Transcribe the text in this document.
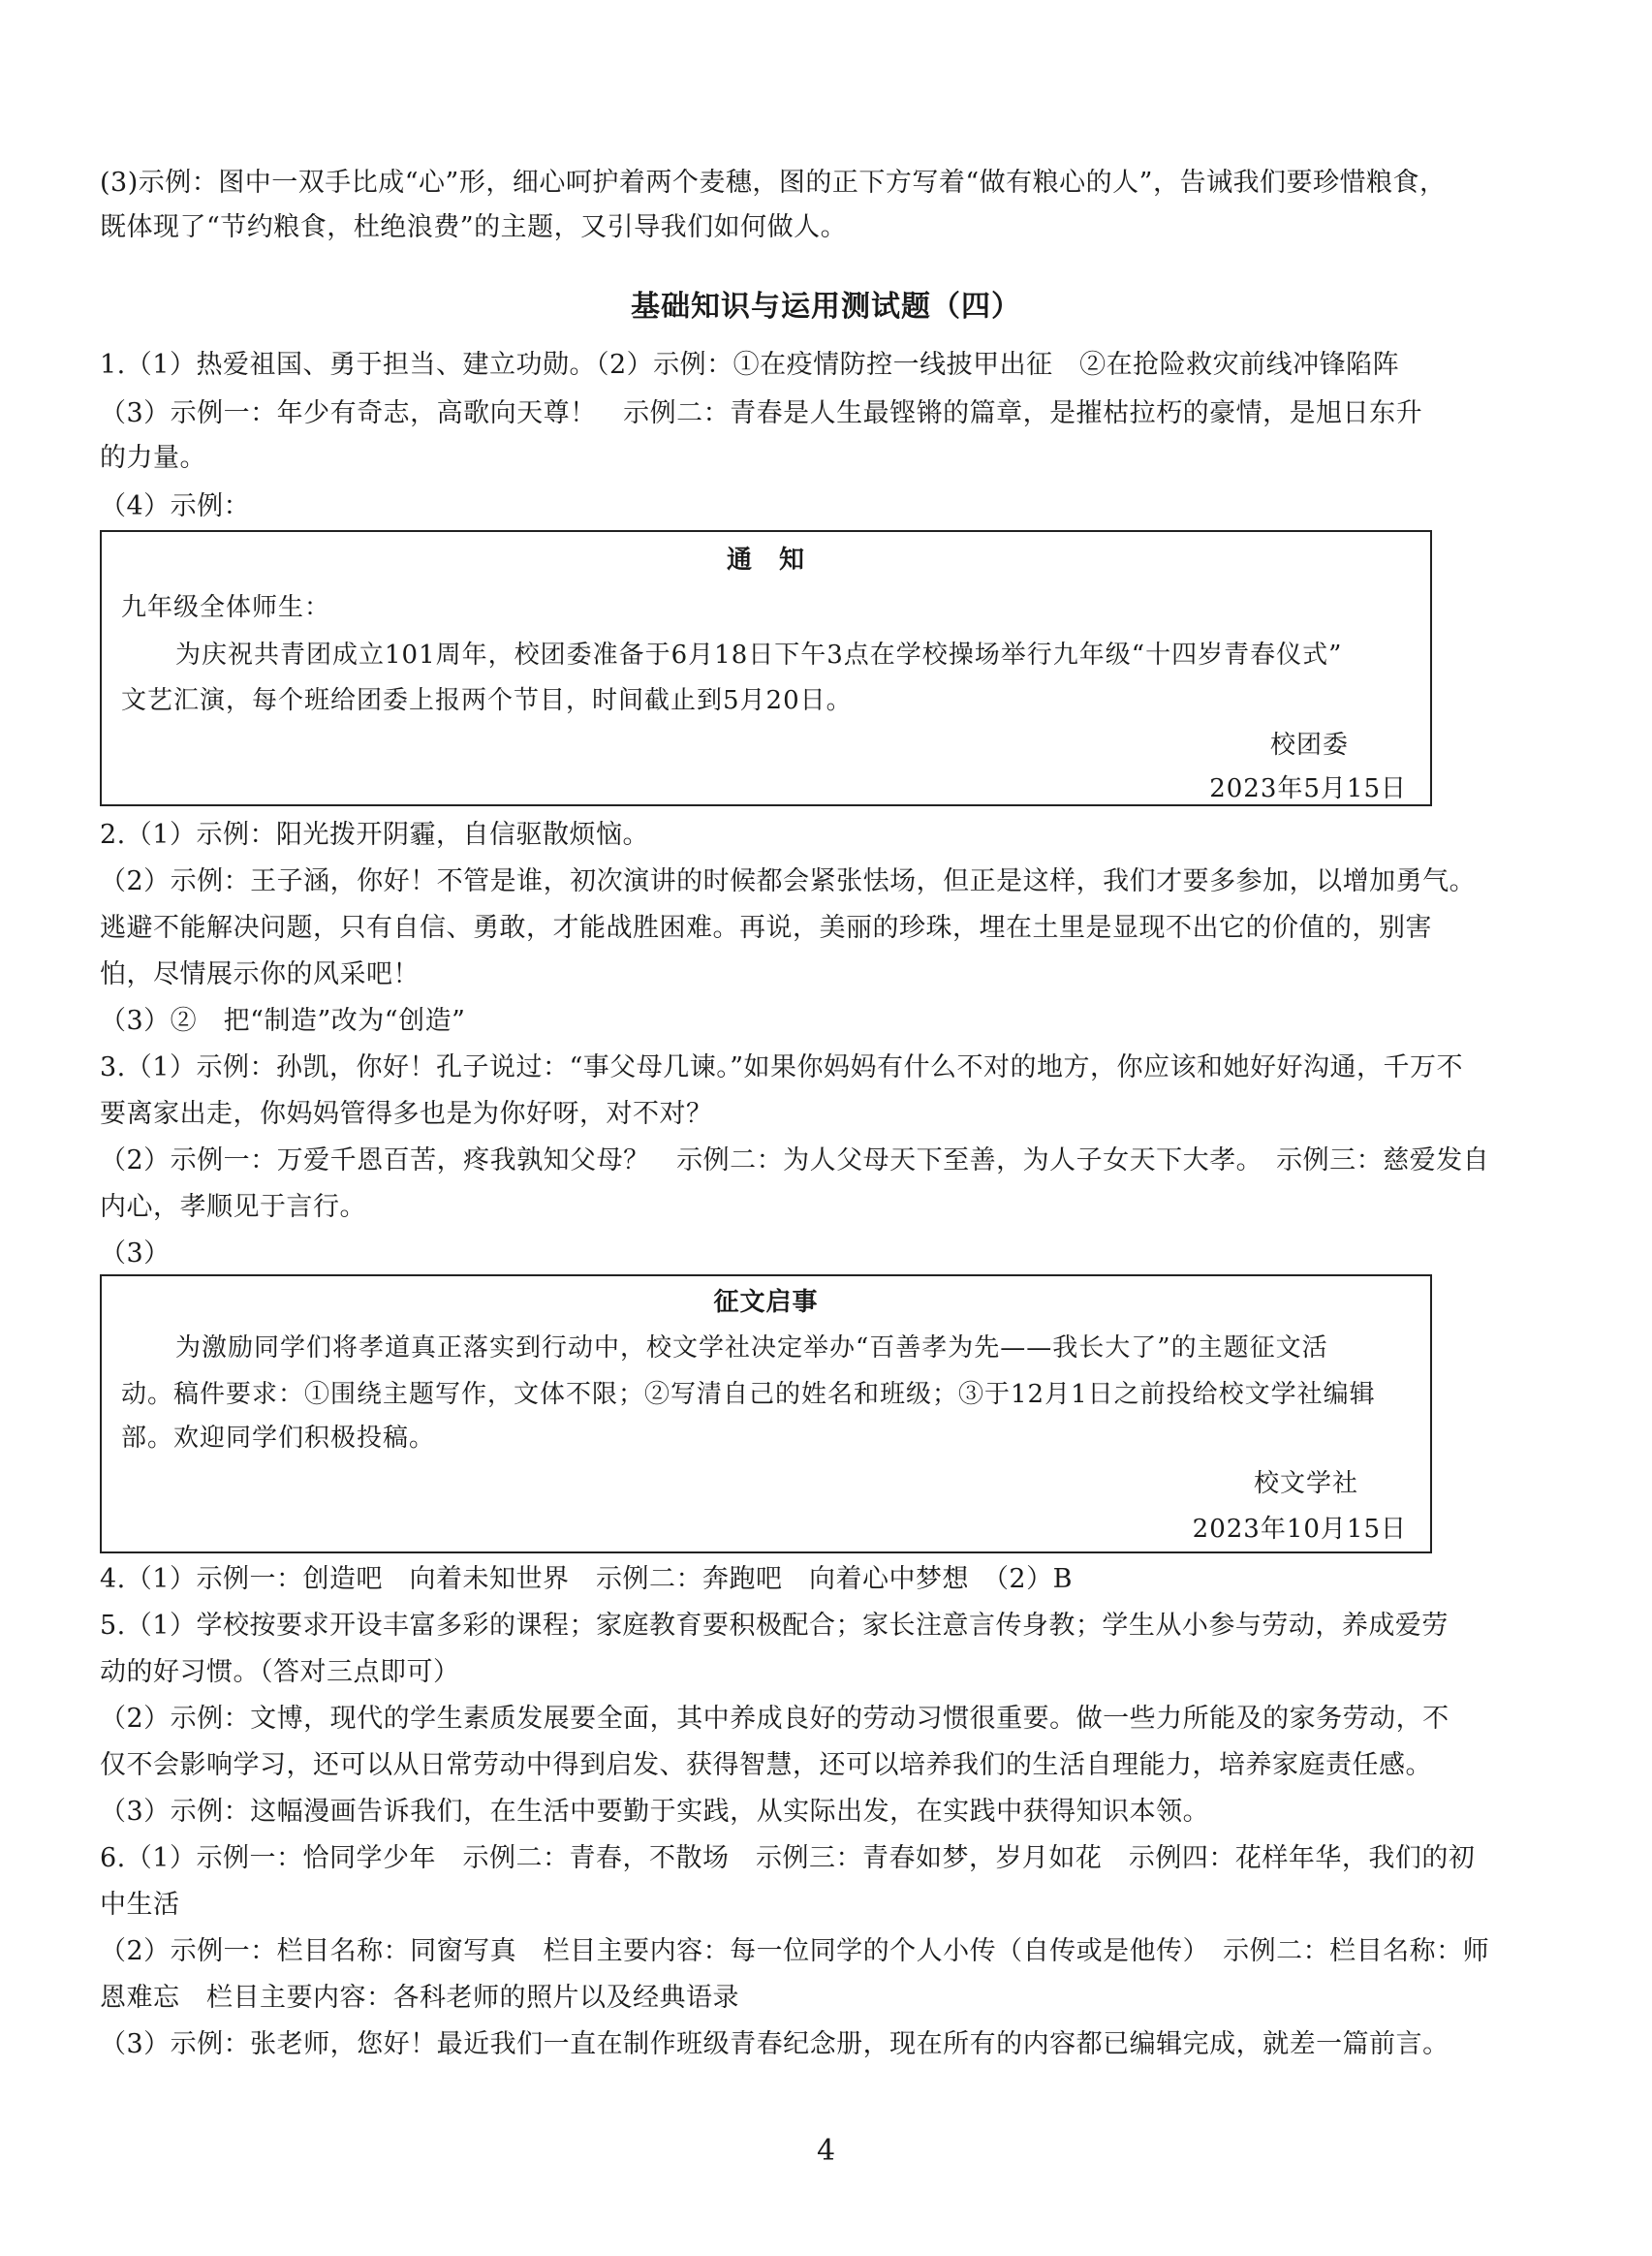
(3)示例：图中一双手比成“心”形，细心呵护着两个麦穗，图的正下方写着“做有粮心的人”，告诫我们要珍惜粮食，
既体现了“节约粮食，杜绝浪费”的主题，又引导我们如何做人。
基础知识与运用测试题（四）
1.（1）热爱祖国、勇于担当、建立功勋。（2）示例：①在疫情防控一线披甲出征　②在抢险救灾前线冲锋陷阵
（3）示例一：年少有奇志，高歌向天尊！　示例二：青春是人生最铿锵的篇章，是摧枯拉朽的豪情，是旭日东升
的力量。
（4）示例：
通　知
九年级全体师生：
为庆祝共青团成立101周年，校团委准备于6月18日下午3点在学校操场举行九年级“十四岁青春仪式”
文艺汇演，每个班给团委上报两个节目，时间截止到5月20日。
校团委
2023年5月15日
2.（1）示例：阳光拨开阴霾，自信驱散烦恼。
（2）示例：王子涵，你好！不管是谁，初次演讲的时候都会紧张怯场，但正是这样，我们才要多参加，以增加勇气。
逃避不能解决问题，只有自信、勇敢，才能战胜困难。再说，美丽的珍珠，埋在土里是显现不出它的价值的，别害
怕，尽情展示你的风采吧！
（3）②　把“制造”改为“创造”
3.（1）示例：孙凯，你好！孔子说过：“事父母几谏。”如果你妈妈有什么不对的地方，你应该和她好好沟通，千万不
要离家出走，你妈妈管得多也是为你好呀，对不对？
（2）示例一：万爱千恩百苦，疼我孰知父母？　示例二：为人父母天下至善，为人子女天下大孝。　示例三：慈爱发自
内心，孝顺见于言行。
（3）
征文启事
为激励同学们将孝道真正落实到行动中，校文学社决定举办“百善孝为先——我长大了”的主题征文活
动。稿件要求：①围绕主题写作，文体不限；②写清自己的姓名和班级；③于12月1日之前投给校文学社编辑
部。欢迎同学们积极投稿。
校文学社
2023年10月15日
4.（1）示例一：创造吧　向着未知世界　示例二：奔跑吧　向着心中梦想　（2）B
5.（1）学校按要求开设丰富多彩的课程；家庭教育要积极配合；家长注意言传身教；学生从小参与劳动，养成爱劳
动的好习惯。（答对三点即可）
（2）示例：文博，现代的学生素质发展要全面，其中养成良好的劳动习惯很重要。做一些力所能及的家务劳动，不
仅不会影响学习，还可以从日常劳动中得到启发、获得智慧，还可以培养我们的生活自理能力，培养家庭责任感。
（3）示例：这幅漫画告诉我们，在生活中要勤于实践，从实际出发，在实践中获得知识本领。
6.（1）示例一：恰同学少年　示例二：青春，不散场　示例三：青春如梦，岁月如花　示例四：花样年华，我们的初
中生活
（2）示例一：栏目名称：同窗写真　栏目主要内容：每一位同学的个人小传（自传或是他传）　示例二：栏目名称：师
恩难忘　栏目主要内容：各科老师的照片以及经典语录
（3）示例：张老师，您好！最近我们一直在制作班级青春纪念册，现在所有的内容都已编辑完成，就差一篇前言。
4
